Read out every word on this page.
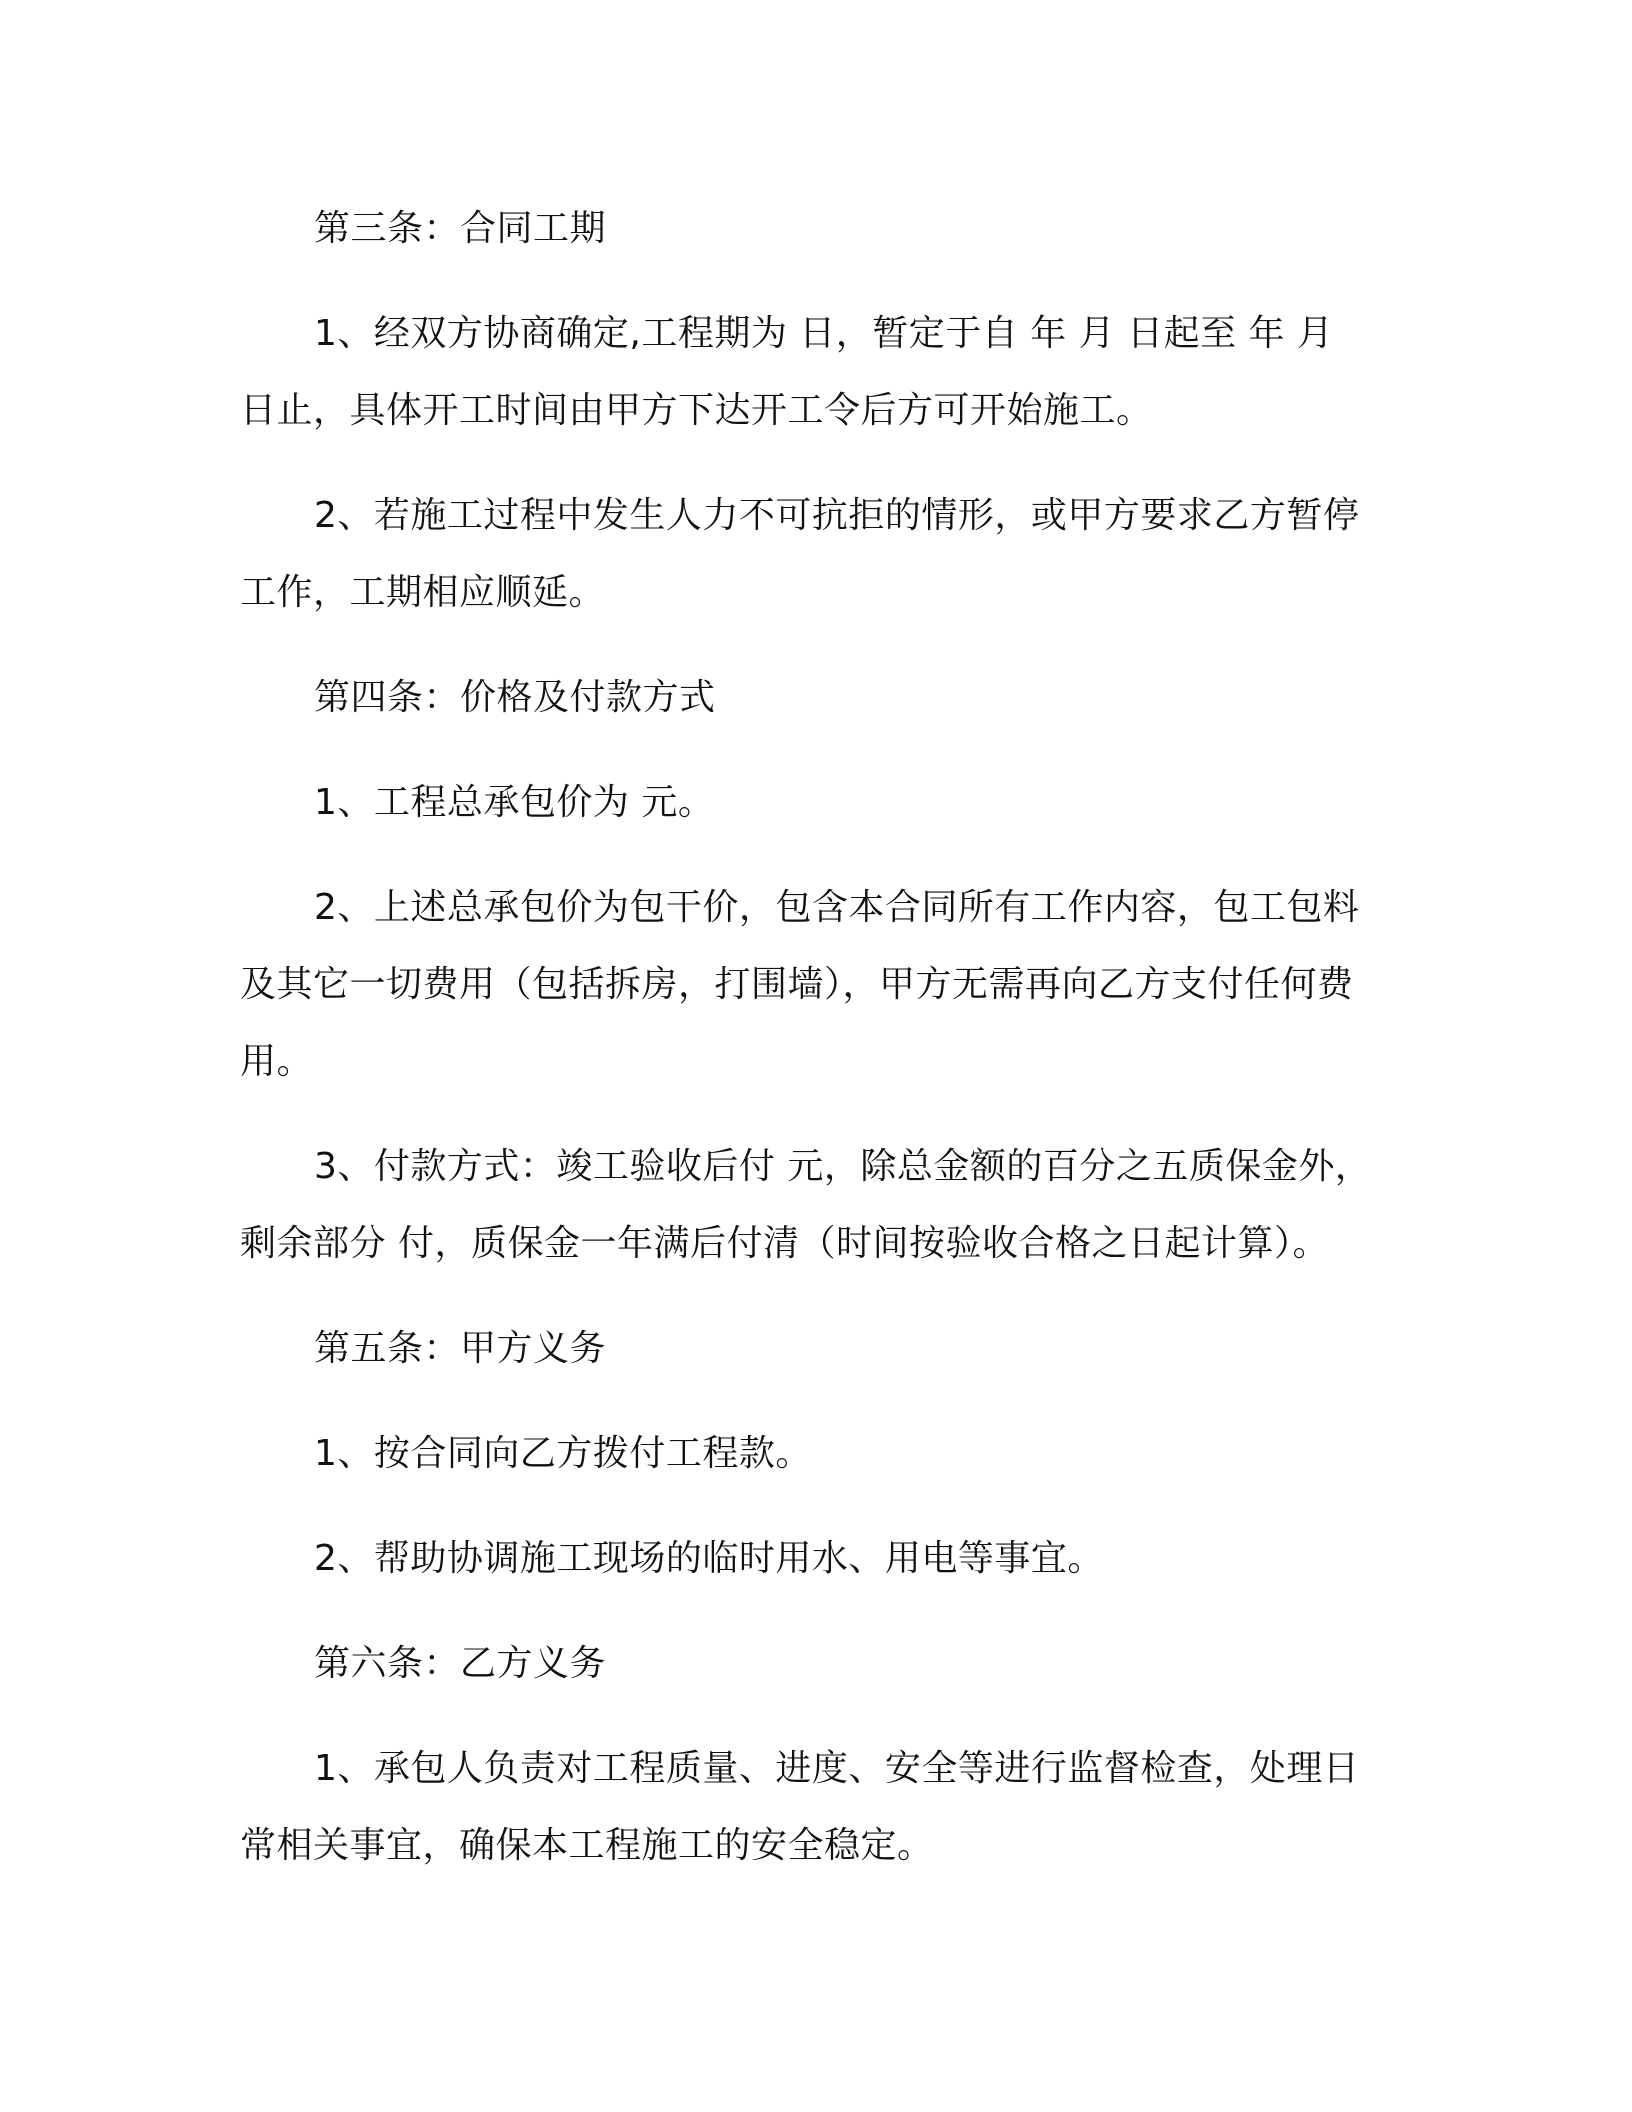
第三条：合同工期

1、经双方协商确定,工程期为 日，暂定于自 年 月 日起至 年 月 日止，具体开工时间由甲方下达开工令后方可开始施工。

2、若施工过程中发生人力不可抗拒的情形，或甲方要求乙方暂停工作，工期相应顺延。

第四条：价格及付款方式

1、工程总承包价为 元。

2、上述总承包价为包干价，包含本合同所有工作内容，包工包料及其它一切费用（包括拆房，打围墙），甲方无需再向乙方支付任何费用。

3、付款方式：竣工验收后付 元，除总金额的百分之五质保金外，剩余部分 付，质保金一年满后付清（时间按验收合格之日起计算）。

第五条：甲方义务

1、按合同向乙方拨付工程款。

2、帮助协调施工现场的临时用水、用电等事宜。

第六条：乙方义务

1、承包人负责对工程质量、进度、安全等进行监督检查，处理日常相关事宜，确保本工程施工的安全稳定。
